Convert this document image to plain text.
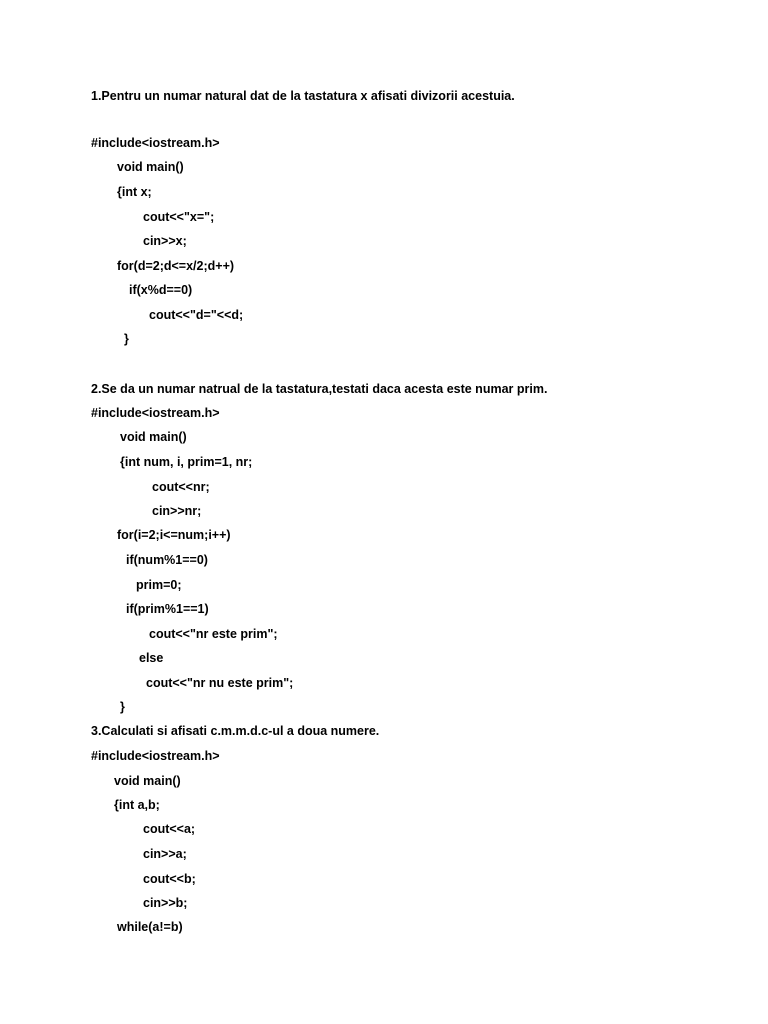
1.Pentru un numar natural dat de la tastatura x afisati divizorii acestuia.
#include<iostream.h>
void main()
{int x;
cout<<"x=";
cin>>x;
for(d=2;d<=x/2;d++)
if(x%d==0)
cout<<"d="<<d;
}
2.Se da un numar natrual de la tastatura,testati daca acesta este numar prim.
#include<iostream.h>
void main()
{int num, i, prim=1, nr;
cout<<nr;
cin>>nr;
for(i=2;i<=num;i++)
if(num%1==0)
prim=0;
if(prim%1==1)
cout<<"nr este prim";
else
cout<<"nr nu este prim";
}
3.Calculati si afisati c.m.m.d.c-ul a doua numere.
#include<iostream.h>
void main()
{int a,b;
cout<<a;
cin>>a;
cout<<b;
cin>>b;
while(a!=b)
